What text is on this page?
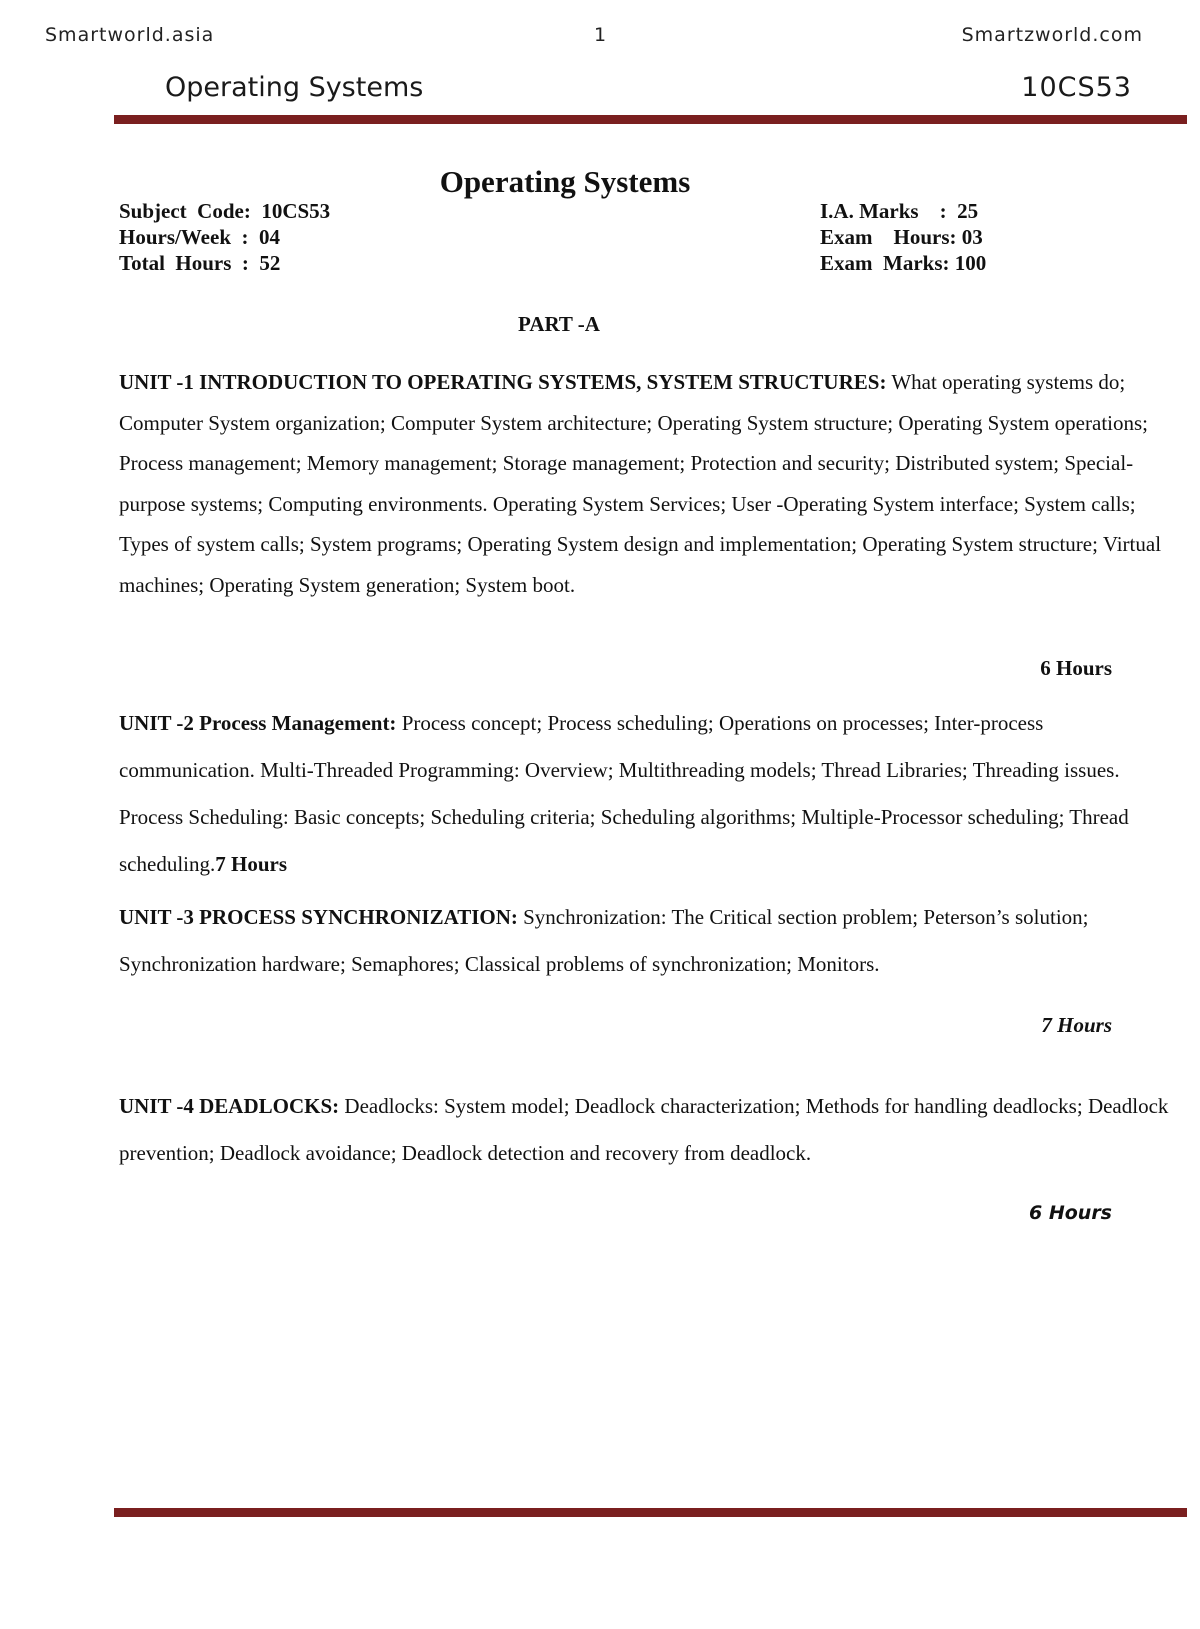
Smartworld.asia	1	Smartzworld.com
Operating Systems	10CS53
Operating Systems
Subject  Code:  10CS53
Hours/Week  :  04
Total  Hours  :  52
I.A. Marks    :  25
Exam    Hours: 03
Exam  Marks: 100
PART -A
UNIT -1 INTRODUCTION TO OPERATING SYSTEMS, SYSTEM STRUCTURES: What operating systems do; Computer System organization; Computer System architecture; Operating System structure; Operating System operations; Process management; Memory management; Storage management; Protection and security; Distributed system; Special-purpose systems; Computing environments. Operating System Services; User -Operating System interface; System calls; Types of system calls; System programs; Operating System design and implementation; Operating System structure; Virtual machines; Operating System generation; System boot.
6 Hours
UNIT -2 Process Management: Process concept; Process scheduling; Operations on processes; Inter-process communication. Multi-Threaded Programming: Overview; Multithreading models; Thread Libraries; Threading issues. Process Scheduling: Basic concepts; Scheduling criteria; Scheduling algorithms; Multiple-Processor scheduling; Thread scheduling.7 Hours
UNIT -3 PROCESS SYNCHRONIZATION: Synchronization: The Critical section problem; Peterson’s solution; Synchronization hardware; Semaphores; Classical problems of synchronization; Monitors.
7 Hours
UNIT -4 DEADLOCKS: Deadlocks: System model; Deadlock characterization; Methods for handling deadlocks; Deadlock prevention; Deadlock avoidance; Deadlock detection and recovery from deadlock.
6 Hours
